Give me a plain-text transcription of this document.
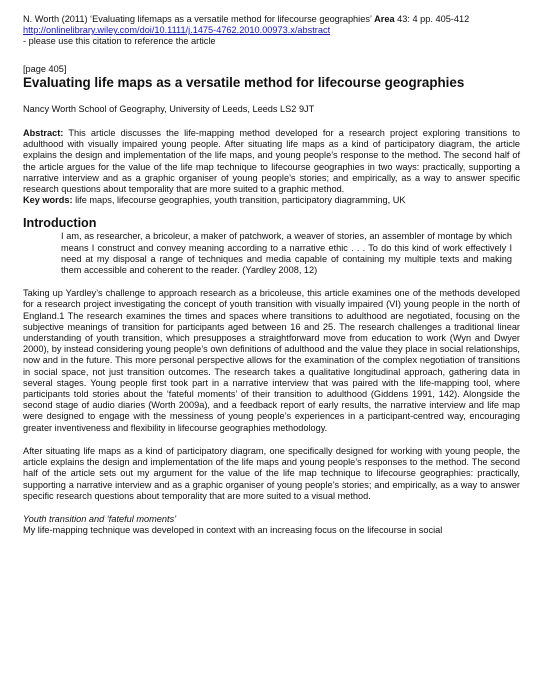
N. Worth (2011) ‘Evaluating lifemaps as a versatile method for lifecourse geographies’ Area 43: 4 pp. 405-412

http://onlinelibrary.wiley.com/doi/10.1111/j.1475-4762.2010.00973.x/abstract

- please use this citation to reference the article

[page 405]

Evaluating life maps as a versatile method for lifecourse geographies

Nancy Worth School of Geography, University of Leeds, Leeds LS2 9JT

Abstract: This article discusses the life-mapping method developed for a research project exploring transitions to adulthood with visually impaired young people. After situating life maps as a kind of participatory diagram, the article explains the design and implementation of the life maps, and young people’s response to the method. The second half of the article argues for the value of the life map technique to lifecourse geographies in two ways: practically, supporting a narrative interview and as a graphic organiser of young people’s stories; and empirically, as a way to answer specific research questions about temporality that are more suited to a graphic method.

Key words: life maps, lifecourse geographies, youth transition, participatory diagramming, UK

Introduction

I am, as researcher, a bricoleur, a maker of patchwork, a weaver of stories, an assembler of montage by which means I construct and convey meaning according to a narrative ethic . . . To do this kind of work effectively I need at my disposal a range of techniques and media capable of containing my multiple texts and making them accessible and coherent to the reader. (Yardley 2008, 12)

Taking up Yardley’s challenge to approach research as a bricoleuse, this article examines one of the methods developed for a research project investigating the concept of youth transition with visually impaired (VI) young people in the north of England.1 The research examines the times and spaces where transitions to adulthood are negotiated, focusing on the subjective meanings of transition for participants aged between 16 and 25. The research challenges a traditional linear understanding of youth transition, which presupposes a straightforward move from education to work (Wyn and Dwyer 2000), by instead considering young people’s own definitions of adulthood and the value they place in social relationships, now and in the future. This more personal perspective allows for the examination of the complex negotiation of transitions in social space, not just transition outcomes. The research takes a qualitative longitudinal approach, gathering data in several stages. Young people first took part in a narrative interview that was paired with the life-mapping tool, where participants told stories about the ‘fateful moments’ of their transition to adulthood (Giddens 1991, 142). Alongside the second stage of audio diaries (Worth 2009a), and a feedback report of early results, the narrative interview and life map were designed to engage with the messiness of young people’s experiences in a participant-centred way, encouraging greater inventiveness and flexibility in lifecourse geographies methodology.

After situating life maps as a kind of participatory diagram, one specifically designed for working with young people, the article explains the design and implementation of the life maps and young people’s responses to the method. The second half of the article sets out my argument for the value of the life map technique to lifecourse geographies: practically, supporting a narrative interview and as a graphic organiser of young people’s stories; and empirically, as a way to answer specific research questions about temporality that are more suited to a visual method.

Youth transition and ‘fateful moments’

My life-mapping technique was developed in context with an increasing focus on the lifecourse in social
